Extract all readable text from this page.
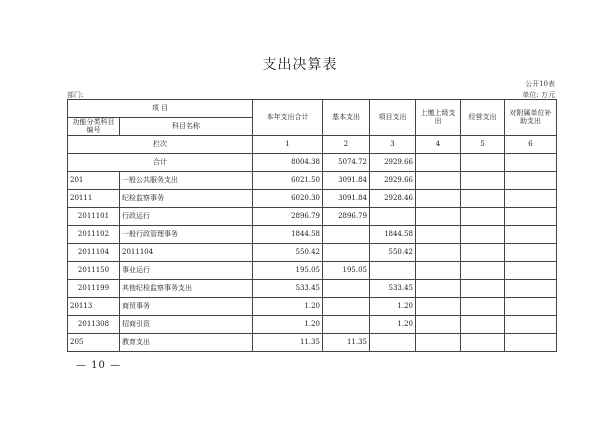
支出决算表
公开10表
部门:	单位: 万元
项 目		本年支出合计	基本支出	项目支出	上缴上级支出	经营支出	对附属单位补助支出
功能分类科目编号	科目名称						
栏次		1	2	3	4	5	6
合计		8004.38	5074.72	2929.66			
201	一般公共服务支出	6021.50	3091.84	2929.66			
20111	纪检监察事务	6020.30	3091.84	2928.46			
2011101	行政运行	2896.79	2896.79				
2011102	一般行政管理事务	1844.58		1844.58			
2011104	2011104	550.42		550.42			
2011150	事业运行	195.05	195.05				
2011199	其他纪检监察事务支出	533.45		533.45			
20113	商贸事务	1.20		1.20			
2011308	招商引资	1.20		1.20			
205	教育支出	11.35	11.35				
— 10 —
